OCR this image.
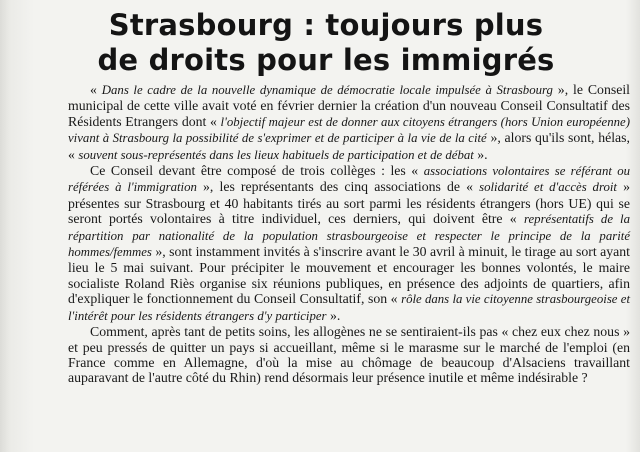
Strasbourg : toujours plus
de droits pour les immigrés

« Dans le cadre de la nouvelle dynamique de démocratie locale impulsée à Strasbourg », le Conseil municipal de cette ville avait voté en février dernier la création d'un nouveau Conseil Consultatif des Résidents Etrangers dont « l'objectif majeur est de donner aux citoyens étrangers (hors Union européenne) vivant à Strasbourg la possibilité de s'exprimer et de participer à la vie de la cité », alors qu'ils sont, hélas, « souvent sous-représentés dans les lieux habituels de participation et de débat ».

Ce Conseil devant être composé de trois collèges : les « associations volontaires se référant ou référées à l'immigration », les représentants des cinq associations de « solidarité et d'accès droit » présentes sur Strasbourg et 40 habitants tirés au sort parmi les résidents étrangers (hors UE) qui se seront portés volontaires à titre individuel, ces derniers, qui doivent être « représentatifs de la répartition par nationalité de la population strasbourgeoise et respecter le principe de la parité hommes/femmes », sont instamment invités à s'inscrire avant le 30 avril à minuit, le tirage au sort ayant lieu le 5 mai suivant. Pour précipiter le mouvement et encourager les bonnes volontés, le maire socialiste Roland Riès organise six réunions publiques, en présence des adjoints de quartiers, afin d'expliquer le fonctionnement du Conseil Consultatif, son « rôle dans la vie citoyenne strasbourgeoise et l'intérêt pour les résidents étrangers d'y participer ».

Comment, après tant de petits soins, les allogènes ne se sentiraient-ils pas « chez eux chez nous » et peu pressés de quitter un pays si accueillant, même si le marasme sur le marché de l'emploi (en France comme en Allemagne, d'où la mise au chômage de beaucoup d'Alsaciens travaillant auparavant de l'autre côté du Rhin) rend désormais leur présence inutile et même indésirable ?
